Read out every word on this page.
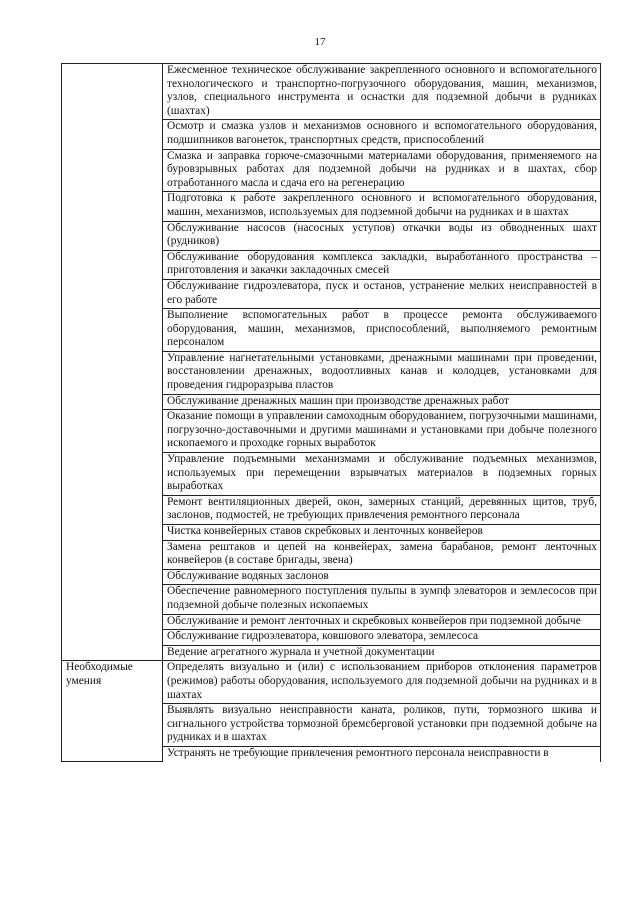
17

	Ежесменное техническое обслуживание закрепленного основного и вспомогательного технологического и транспортно-погрузочного оборудования, машин, механизмов, узлов, специального инструмента и оснастки для подземной добычи в рудниках (шахтах)

	Осмотр и смазка узлов и механизмов основного и вспомогательного оборудования, подшипников вагонеток, транспортных средств, приспособлений

	Смазка и заправка горюче-смазочными материалами оборудования, применяемого на буровзрывных работах для подземной добычи на рудниках и в шахтах, сбор отработанного масла и сдача его на регенерацию

	Подготовка к работе закрепленного основного и вспомогательного оборудования, машин, механизмов, используемых для подземной добычи на рудниках и в шахтах

	Обслуживание насосов (насосных уступов) откачки воды из обводненных шахт (рудников)

	Обслуживание оборудования комплекса закладки, выработанного пространства – приготовления и закачки закладочных смесей

	Обслуживание гидроэлеватора, пуск и останов, устранение мелких неисправностей в его работе

	Выполнение вспомогательных работ в процессе ремонта обслуживаемого оборудования, машин, механизмов, приспособлений, выполняемого ремонтным персоналом

	Управление нагнетательными установками, дренажными машинами при проведении, восстановлении дренажных, водоотливных канав и колодцев, установками для проведения гидроразрыва пластов

	Обслуживание дренажных машин при производстве дренажных работ

	Оказание помощи в управлении самоходным оборудованием, погрузочными машинами, погрузочно-доставочными и другими машинами и установками при добыче полезного ископаемого и проходке горных выработок

	Управление подъемными механизмами и обслуживание подъемных механизмов, используемых при перемещении взрывчатых материалов в подземных горных выработках

	Ремонт вентиляционных дверей, окон, замерных станций, деревянных щитов, труб, заслонов, подмостей, не требующих привлечения ремонтного персонала

	Чистка конвейерных ставов скребковых и ленточных конвейеров

	Замена рештаков и цепей на конвейерах, замена барабанов, ремонт ленточных конвейеров (в составе бригады, звена)

	Обслуживание водяных заслонов

	Обеспечение равномерного поступления пульпы в зумпф элеваторов и землесосов при подземной добыче полезных ископаемых

	Обслуживание и ремонт ленточных и скребковых конвейеров при подземной добыче

	Обслуживание гидроэлеватора, ковшового элеватора, землесоса

	Ведение агрегатного журнала и учетной документации

Необходимые умения	Определять визуально и (или) с использованием приборов отклонения параметров (режимов) работы оборудования, используемого для подземной добычи на рудниках и в шахтах

	Выявлять визуально неисправности каната, роликов, пути, тормозного шкива и сигнального устройства тормозной бремсберговой установки при подземной добыче на рудниках и в шахтах

	Устранять не требующие привлечения ремонтного персонала неисправности в
